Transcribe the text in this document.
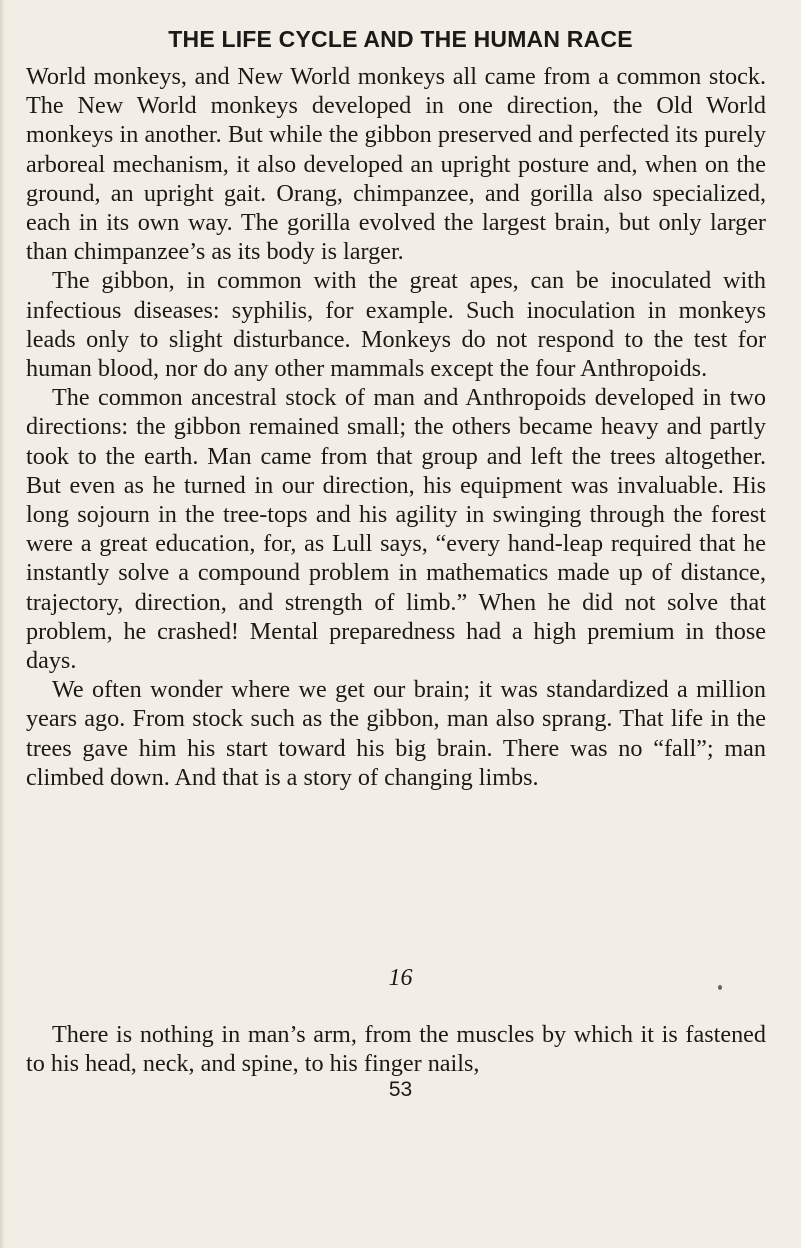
THE LIFE CYCLE AND THE HUMAN RACE

World monkeys, and New World monkeys all came from a common stock. The New World monkeys developed in one direction, the Old World monkeys in another. But while the gibbon preserved and perfected its purely arboreal mechanism, it also developed an upright posture and, when on the ground, an upright gait. Orang, chimpanzee, and gorilla also specialized, each in its own way. The gorilla evolved the largest brain, but only larger than chimpanzee’s as its body is larger.

The gibbon, in common with the great apes, can be inoculated with infectious diseases: syphilis, for example. Such inoculation in monkeys leads only to slight disturbance. Monkeys do not respond to the test for human blood, nor do any other mammals except the four Anthropoids.

The common ancestral stock of man and Anthropoids developed in two directions: the gibbon remained small; the others became heavy and partly took to the earth. Man came from that group and left the trees altogether. But even as he turned in our direction, his equipment was invaluable. His long sojourn in the tree-tops and his agility in swinging through the forest were a great education, for, as Lull says, “every hand-leap required that he instantly solve a compound problem in mathematics made up of distance, trajectory, direction, and strength of limb.” When he did not solve that problem, he crashed! Mental preparedness had a high premium in those days.

We often wonder where we get our brain; it was standardized a million years ago. From stock such as the gibbon, man also sprang. That life in the trees gave him his start toward his big brain. There was no “fall”; man climbed down. And that is a story of changing limbs.

16

There is nothing in man’s arm, from the muscles by which it is fastened to his head, neck, and spine, to his finger nails,

53
